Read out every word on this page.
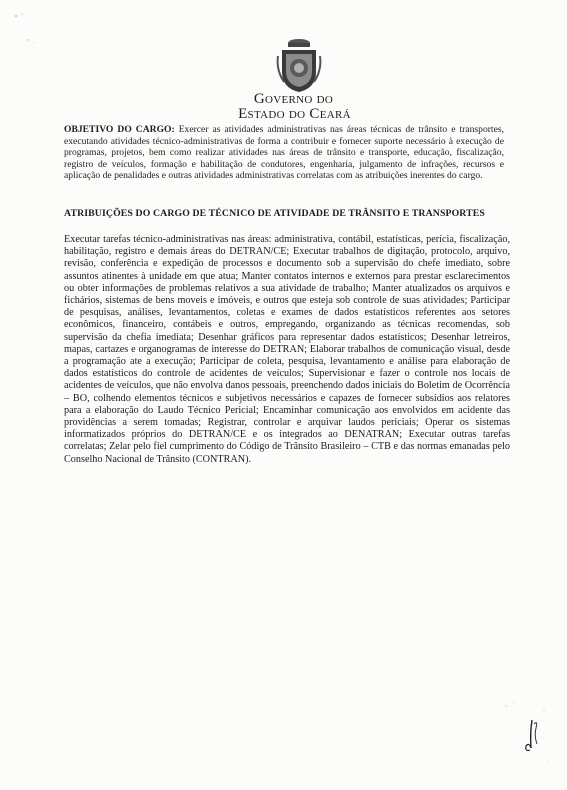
Governo do
Estado do Ceará
OBJETIVO DO CARGO: Exercer as atividades administrativas nas áreas técnicas de trânsito e transportes, executando atividades técnico-administrativas de forma a contribuir e fornecer suporte necessário à execução de programas, projetos, bem como realizar atividades nas áreas de trânsito e transporte, educação, fiscalização, registro de veículos, formação e habilitação de condutores, engenharia, julgamento de infrações, recursos e aplicação de penalidades e outras atividades administrativas correlatas com as atribuições inerentes do cargo.
ATRIBUIÇÕES DO CARGO DE TÉCNICO DE ATIVIDADE DE TRÂNSITO E TRANSPORTES
Executar tarefas técnico-administrativas nas áreas: administrativa, contábil, estatísticas, perícia, fiscalização, habilitação, registro e demais áreas do DETRAN/CE; Executar trabalhos de digitação, protocolo, arquivo, revisão, conferência e expedição de processos e documento sob a supervisão do chefe imediato, sobre assuntos atinentes à unidade em que atua; Manter contatos internos e externos para prestar esclarecimentos ou obter informações de problemas relativos a sua atividade de trabalho; Manter atualizados os arquivos e fichários, sistemas de bens moveis e imóveis, e outros que esteja sob controle de suas atividades; Participar de pesquisas, análises, levantamentos, coletas e exames de dados estatísticos referentes aos setores econômicos, financeiro, contábeis e outros, empregando, organizando as técnicas recomendas, sob supervisão da chefia imediata; Desenhar gráficos para representar dados estatísticos; Desenhar letreiros, mapas, cartazes e organogramas de interesse do DETRAN; Elaborar trabalhos de comunicação visual, desde a programação ate a execução; Participar de coleta, pesquisa, levantamento e análise para elaboração de dados estatísticos do controle de acidentes de veículos; Supervisionar e fazer o controle nos locais de acidentes de veículos, que não envolva danos pessoais, preenchendo dados iniciais do Boletim de Ocorrência – BO, colhendo elementos técnicos e subjetivos necessários e capazes de fornecer subsídios aos relatores para a elaboração do Laudo Técnico Pericial; Encaminhar comunicação aos envolvidos em acidente das providências a serem tomadas; Registrar, controlar e arquivar laudos periciais; Operar os sistemas informatizados próprios do DETRAN/CE e os integrados ao DENATRAN; Executar outras tarefas correlatas; Zelar pelo fiel cumprimento do Código de Trânsito Brasileiro – CTB e das normas emanadas pelo Conselho Nacional de Trânsito (CONTRAN).
